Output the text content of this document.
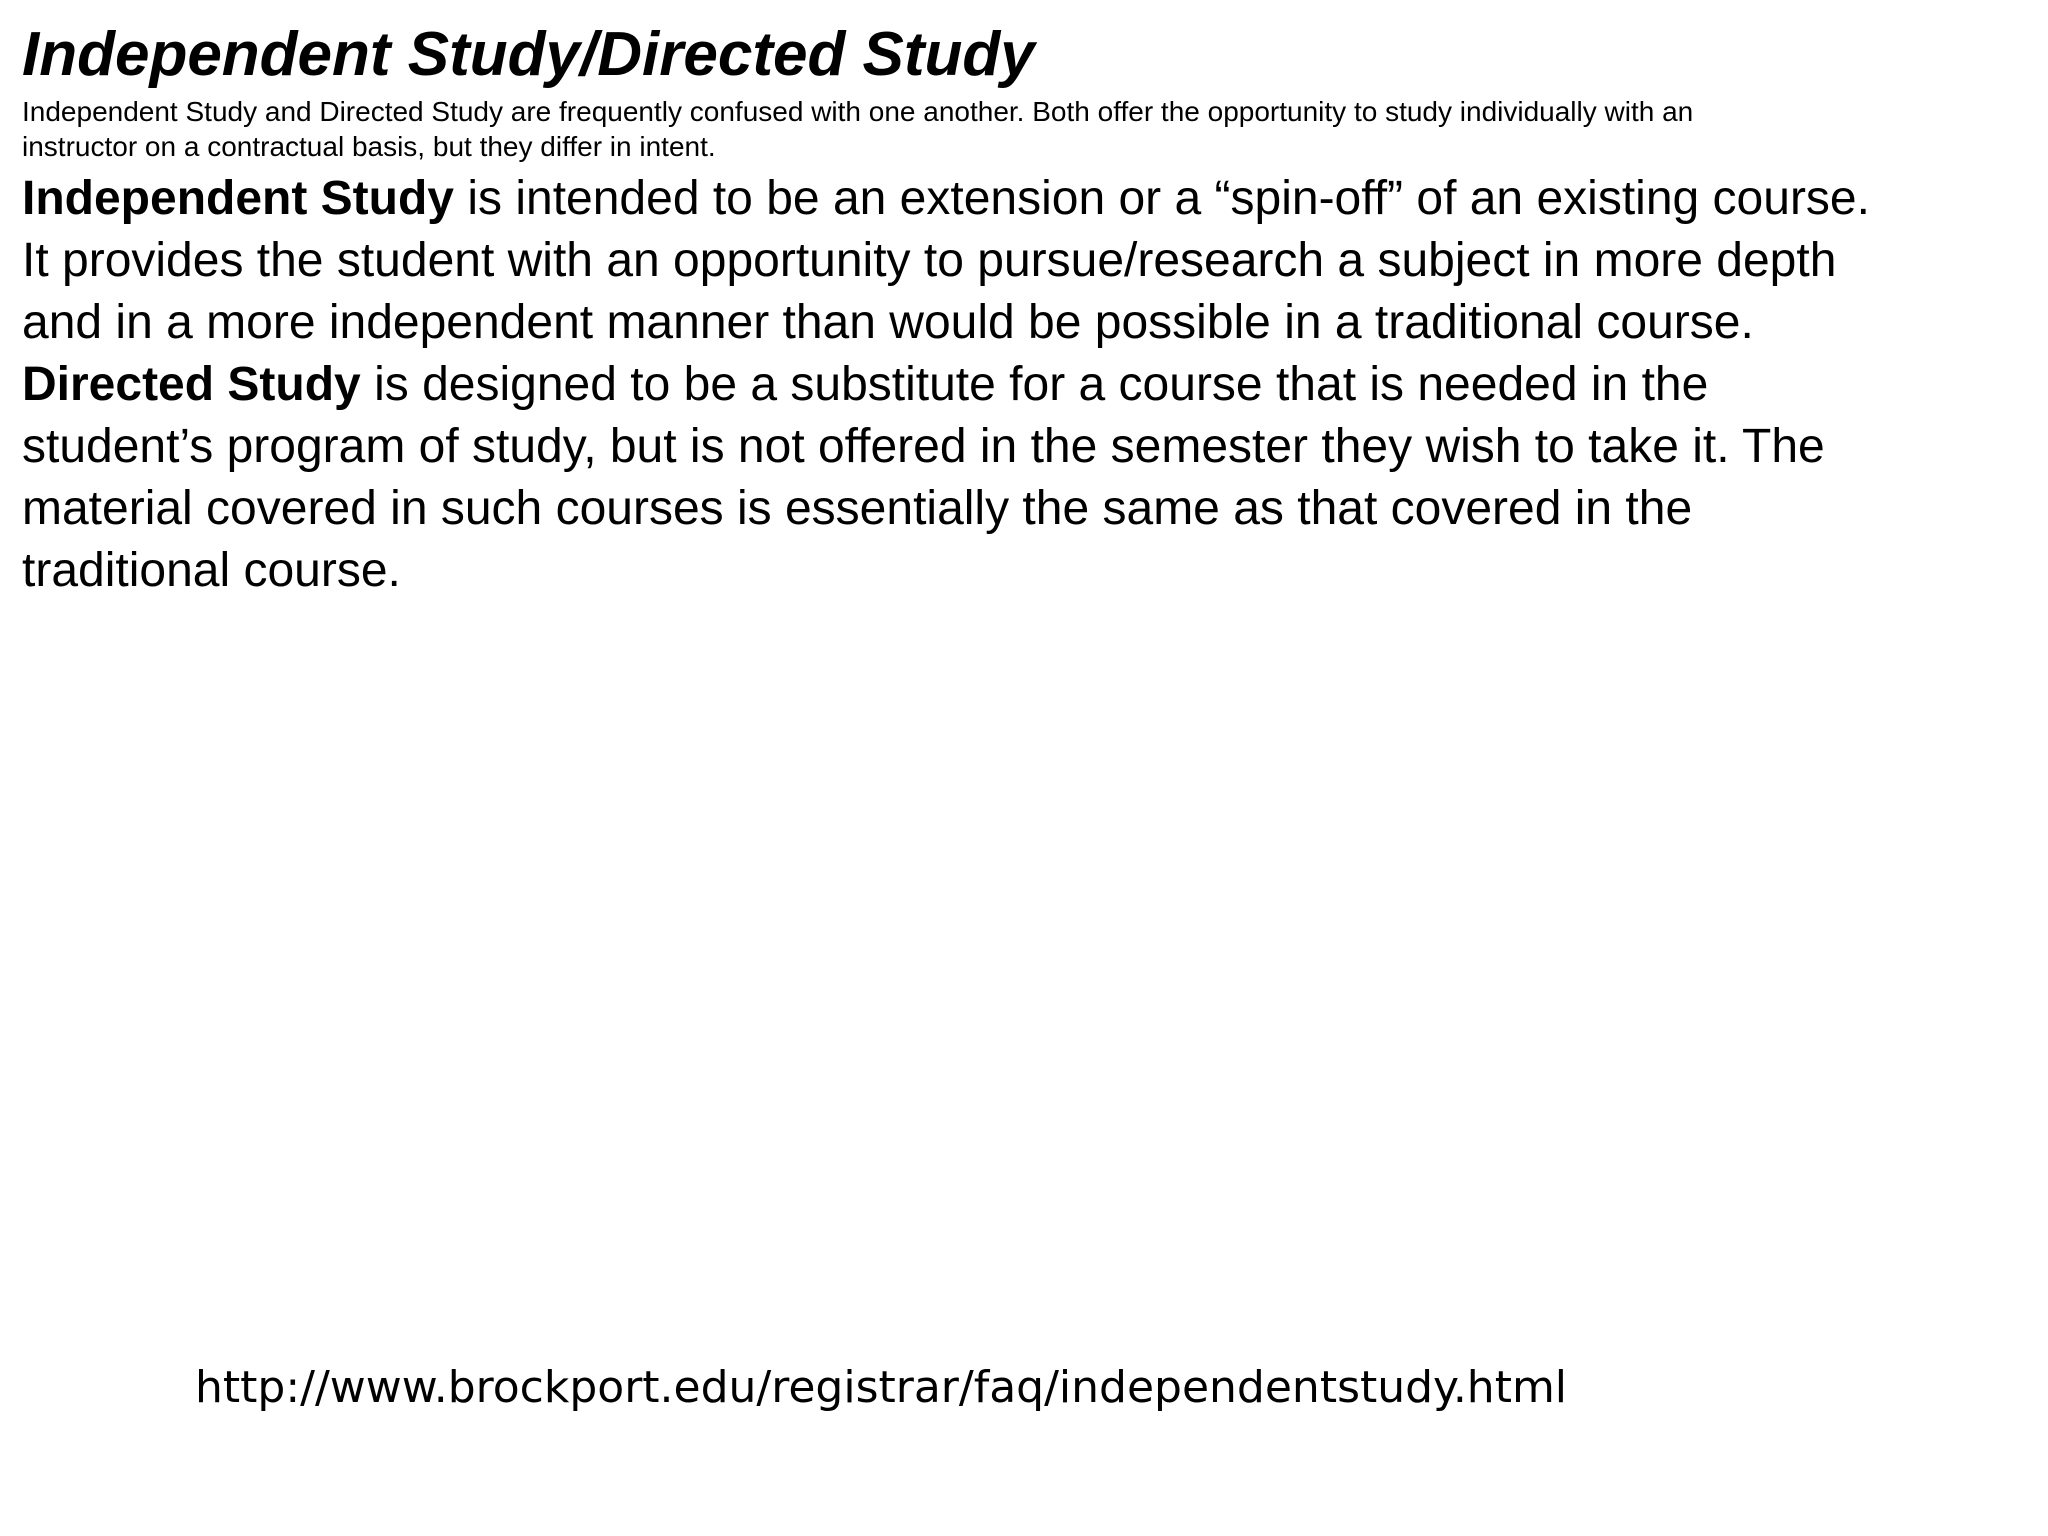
Independent Study/Directed Study

Independent Study and Directed Study are frequently confused with one another. Both offer the opportunity to study individually with an
instructor on a contractual basis, but they differ in intent.

Independent Study is intended to be an extension or a “spin-off” of an existing course.
It provides the student with an opportunity to pursue/research a subject in more depth
and in a more independent manner than would be possible in a traditional course.

Directed Study is designed to be a substitute for a course that is needed in the
student’s program of study, but is not offered in the semester they wish to take it. The
material covered in such courses is essentially the same as that covered in the
traditional course.

http://www.brockport.edu/registrar/faq/independentstudy.html
